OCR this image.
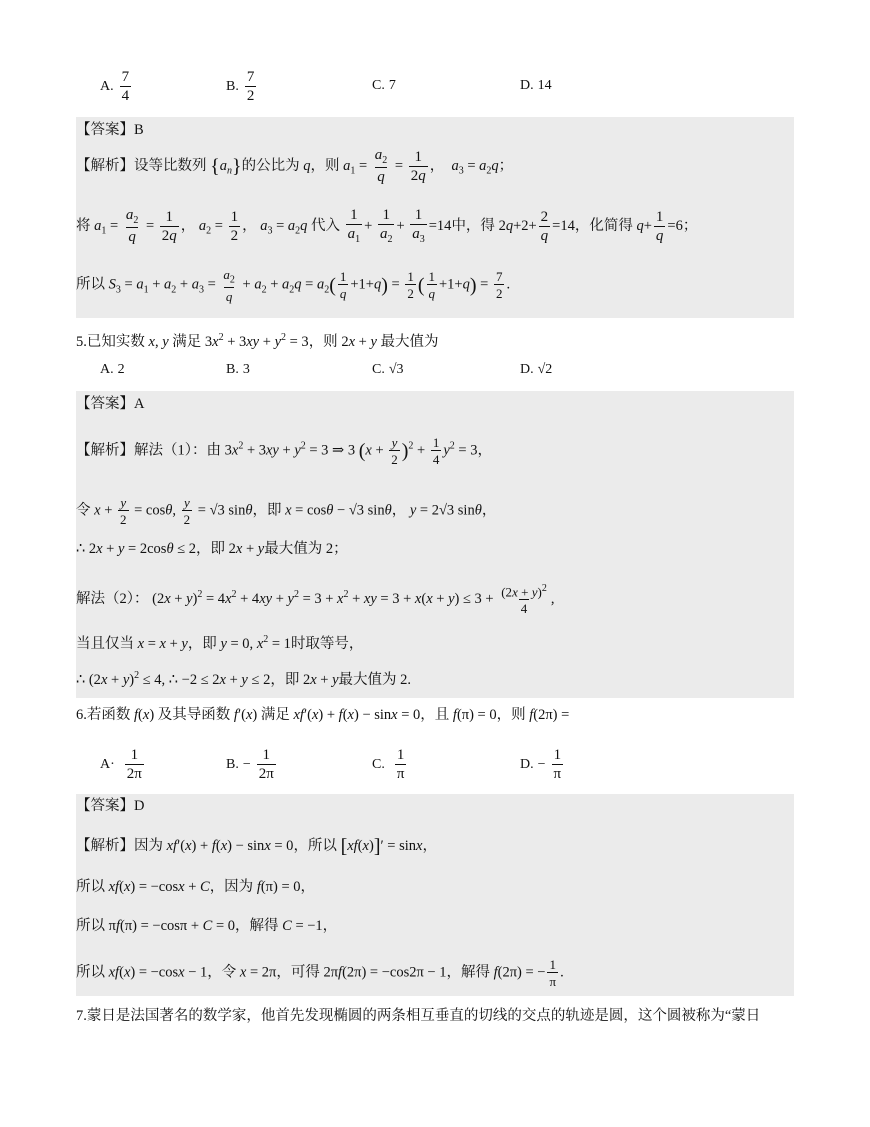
A. $\frac{7}{4}$	B. $\frac{7}{2}$	C. 7	D. 14
【答案】B
【解析】设等比数列 $\{a_n\}$的公比为 q，则 $a_1 = \frac{a_2}{q} = \frac{1}{2q}$ ， $a_3 = a_2q$；
将 $a_1 = \frac{a_2}{q} = \frac{1}{2q}$ ， $a_2 = \frac{1}{2}$ ， $a_3 = a_2q$ 代入 $\frac{1}{a_1} + \frac{1}{a_2} + \frac{1}{a_3} =14$中，得 $2q+2+ \frac{2}{q} =14$，化简得 $q+ \frac{1}{q} =6$；
所以 $S_3 = a_1 + a_2 + a_3 = \frac{a_2}{q} + a_2 + a_2q = a_2( \frac{1}{q} +1+q) = \frac{1}{2}$ ( $\frac{1}{q} +1+q) = \frac{7}{2}$ .
5.已知实数 x, y 满足 $3x^2 + 3xy + y^2 = 3$，则 2x + y 最大值为
A. 2	B. 3	C. √3	D. √2
【答案】A
【解析】解法（1）：由 $3x^2 + 3xy + y^2 = 3$ ⇒ 3 $(x + \frac{y}{2} )^2 + \frac{1}{4} y^2 = 3$，
令 $x + \frac{y}{2} = \cos\theta$, $\frac{y}{2} = √3$ sinθ，即 x = cosθ − √3 sinθ， y = 2√3 sinθ，
∴ 2x + y = 2cosθ ≤ 2，即 2x + y最大值为 2；
解法（2）： $(2x + y)^2 = 4x^2 + 4xy + y^2 = 3 + x^2$ + xy = $3 + x(x + y) \le 3 + \frac{(2x + y)^2}{4}$ ,
当且仅当 x = x + y，即 y = 0, $x^2 = 1$时取等号，
∴ $(2x + y)^2 \le 4$, ∴ −2 ≤ 2x + y ≤ 2，即 2x + y最大值为 2.
6.若函数 f(x) 及其导函数 f′(x) 满足 xf′(x) + f(x) − sinx = 0，且 f(π) = 0，则 f(2π) =
$A\cdot \frac{1}{2\pi}$	B. − $\frac{1}{2\pi}$	C. $\frac{1}{\pi}$	D. − $\frac{1}{\pi}$
【答案】D
【解析】因为 xf′(x) + f(x) − sinx = 0，所以 [xf(x)]′ = sinx，
所以 xf(x) = −cosx + C，因为 f(π) = 0，
所以 πf(π) = −cosπ + C = 0，解得 C = −1，
所以 xf(x) = −cosx − 1，令 x = 2π，可得 2πf(2π) = −cos2π − 1，解得 f(2π) = − $\frac{1}{\pi}$ .
7.蒙日是法国著名的数学家，他首先发现椭圆的两条相互垂直的切线的交点的轨迹是圆，这个圆被称为“蒙日
